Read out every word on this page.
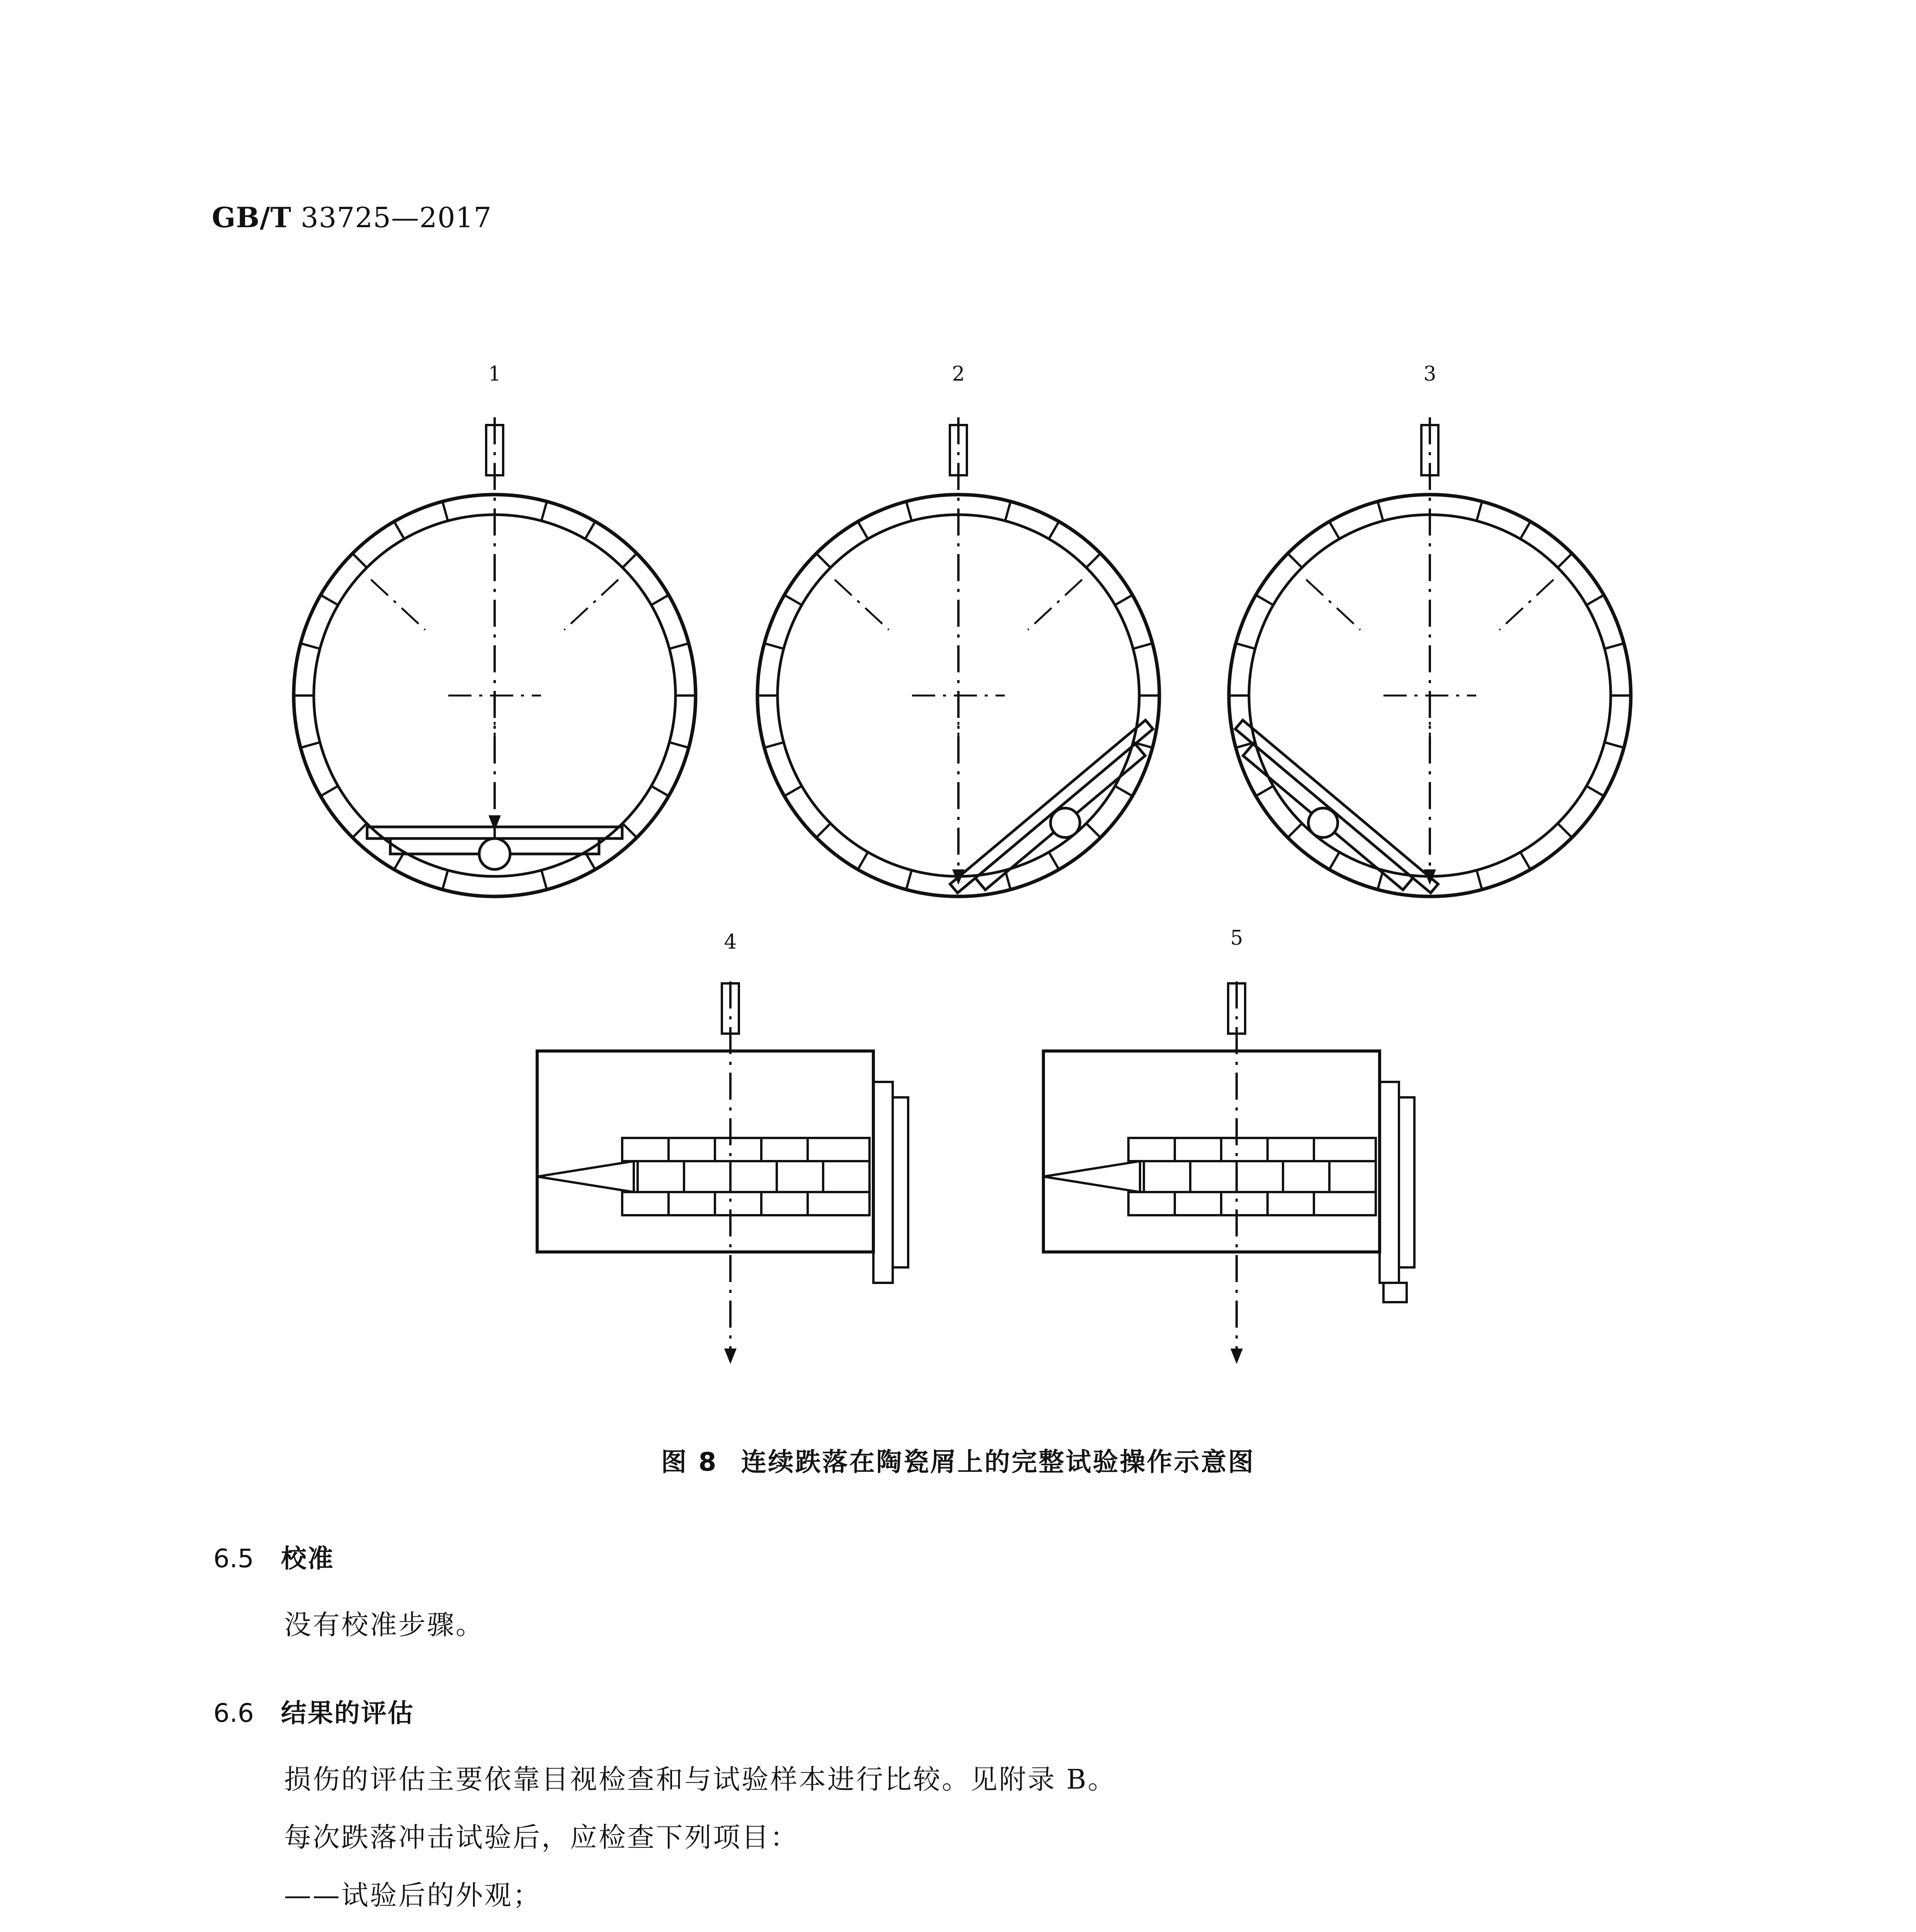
GB/T 33725—2017
1	2	3
4	5
图 8 连续跌落在陶瓷屑上的完整试验操作示意图
6.5 校准
没有校准步骤。
6.6 结果的评估
损伤的评估主要依靠目视检查和与试验样本进行比较。见附录 B。
每次跌落冲击试验后，应检查下列项目：
——试验后的外观；
